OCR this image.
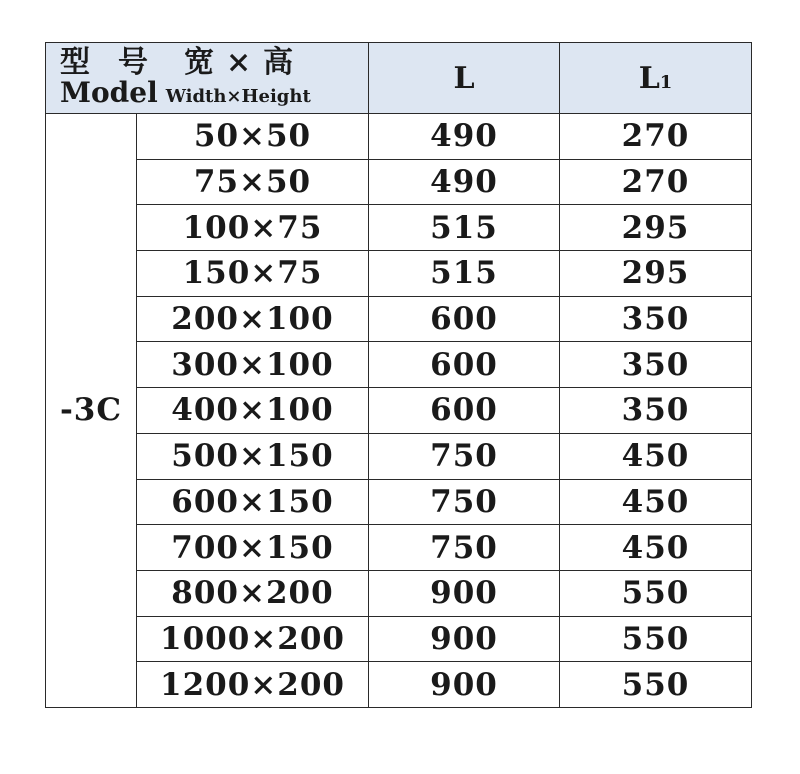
型 号 宽 × 高
Model Width×Height		L	L1
-3C	50×50	490	270
	75×50	490	270
	100×75	515	295
	150×75	515	295
	200×100	600	350
	300×100	600	350
	400×100	600	350
	500×150	750	450
	600×150	750	450
	700×150	750	450
	800×200	900	550
	1000×200	900	550
	1200×200	900	550
